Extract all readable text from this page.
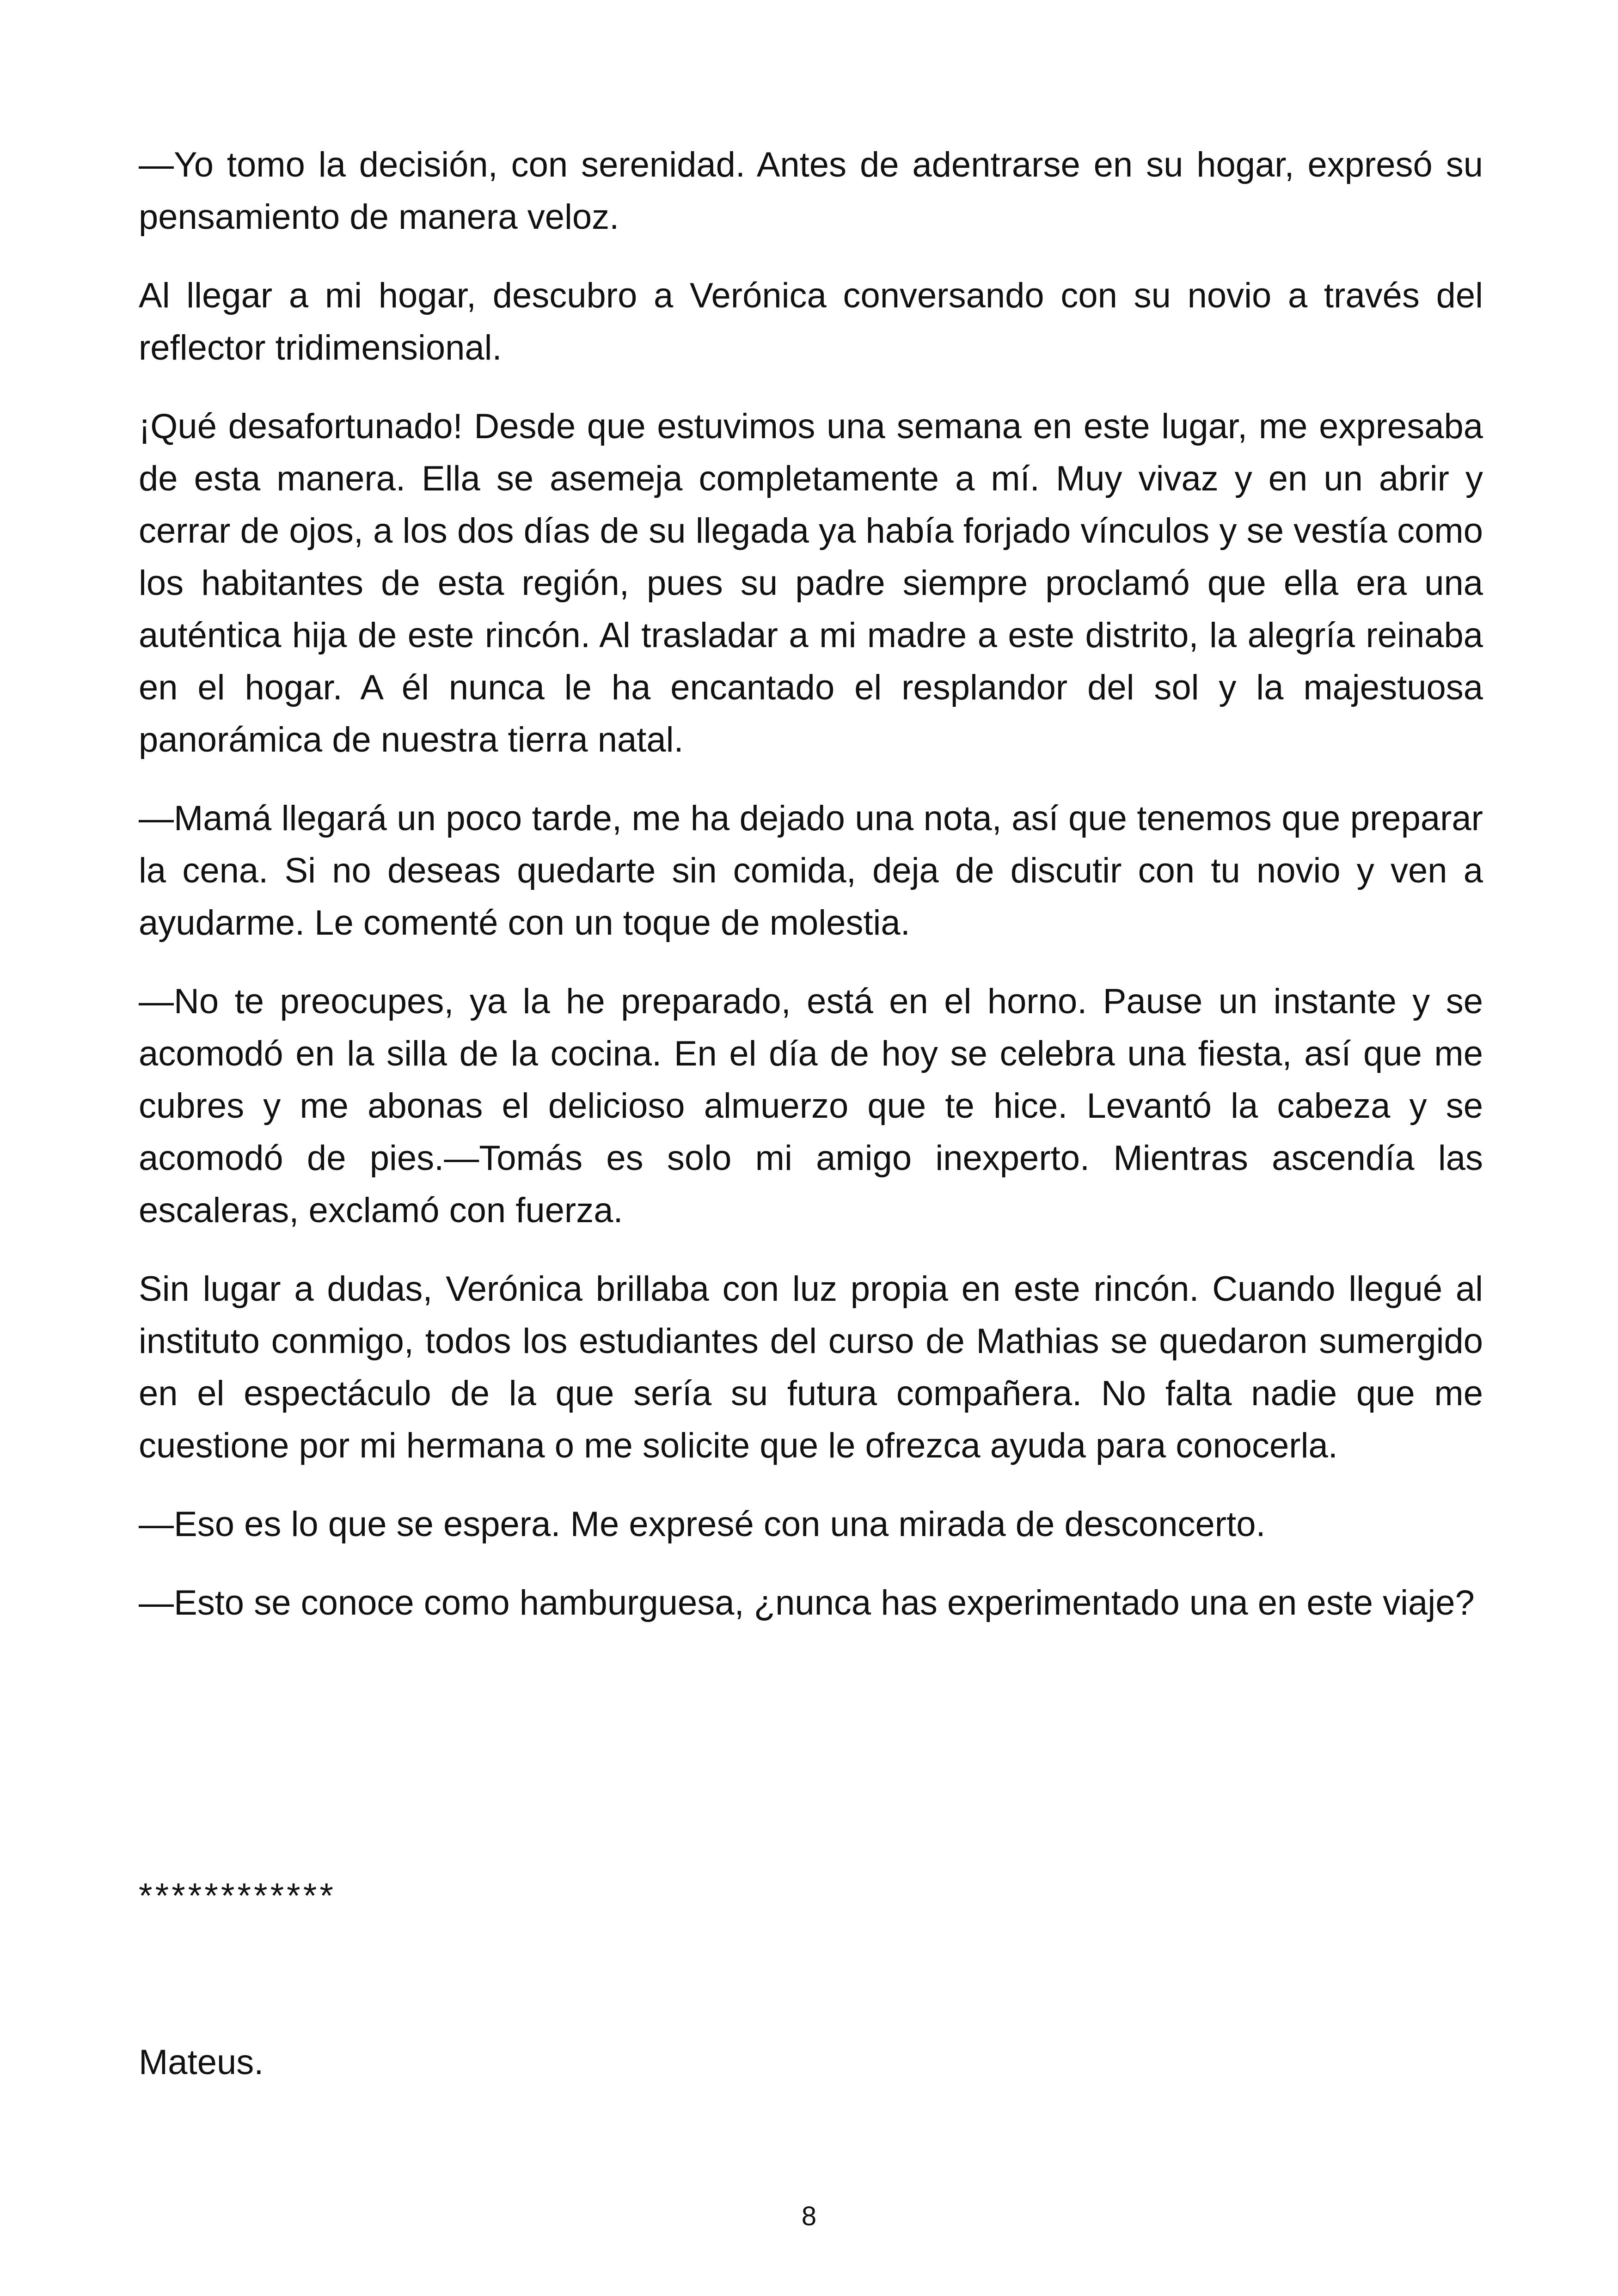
—Yo tomo la decisión, con serenidad. Antes de adentrarse en su hogar, expresó su pensamiento de manera veloz.

Al llegar a mi hogar, descubro a Verónica conversando con su novio a través del reflector tridimensional.

¡Qué desafortunado! Desde que estuvimos una semana en este lugar, me expresaba de esta manera. Ella se asemeja completamente a mí. Muy vivaz y en un abrir y cerrar de ojos, a los dos días de su llegada ya había forjado vínculos y se vestía como los habitantes de esta región, pues su padre siempre proclamó que ella era una auténtica hija de este rincón. Al trasladar a mi madre a este distrito, la alegría reinaba en el hogar. A él nunca le ha encantado el resplandor del sol y la majestuosa panorámica de nuestra tierra natal.

—Mamá llegará un poco tarde, me ha dejado una nota, así que tenemos que preparar la cena. Si no deseas quedarte sin comida, deja de discutir con tu novio y ven a ayudarme. Le comenté con un toque de molestia.

—No te preocupes, ya la he preparado, está en el horno. Pause un instante y se acomodó en la silla de la cocina. En el día de hoy se celebra una fiesta, así que me cubres y me abonas el delicioso almuerzo que te hice. Levantó la cabeza y se acomodó de pies.—Tomás es solo mi amigo inexperto. Mientras ascendía las escaleras, exclamó con fuerza.

Sin lugar a dudas, Verónica brillaba con luz propia en este rincón. Cuando llegué al instituto conmigo, todos los estudiantes del curso de Mathias se quedaron sumergido en el espectáculo de la que sería su futura compañera. No falta nadie que me cuestione por mi hermana o me solicite que le ofrezca ayuda para conocerla.

—Eso es lo que se espera. Me expresé con una mirada de desconcerto.

—Esto se conoce como hamburguesa, ¿nunca has experimentado una en este viaje?

************
Mateus.
8
